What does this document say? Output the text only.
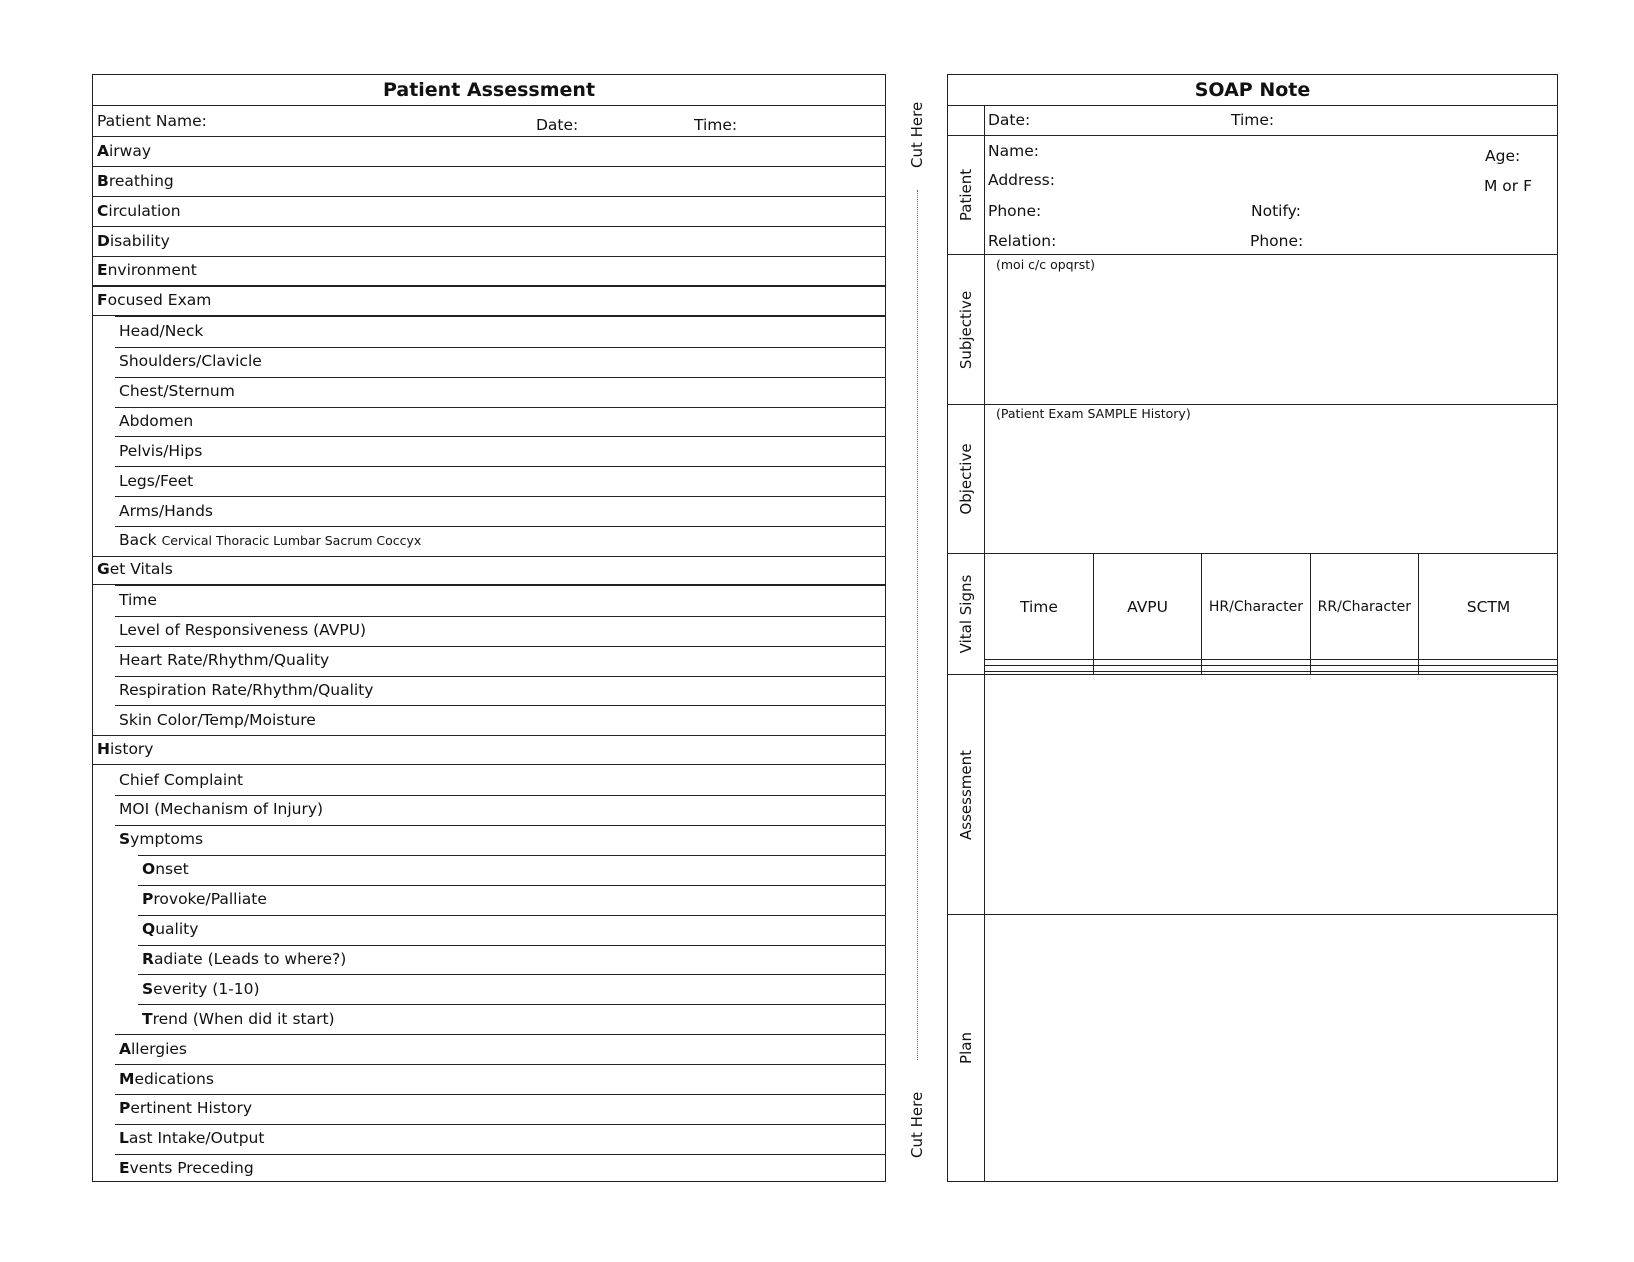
Patient Assessment
Patient Name:	Date:	Time:
Airway
Breathing
Circulation
Disability
Environment
Focused Exam
Head/Neck
Shoulders/Clavicle
Chest/Sternum
Abdomen
Pelvis/Hips
Legs/Feet
Arms/Hands
Back Cervical Thoracic Lumbar Sacrum Coccyx
Get Vitals
Time
Level of Responsiveness (AVPU)
Heart Rate/Rhythm/Quality
Respiration Rate/Rhythm/Quality
Skin Color/Temp/Moisture
History
Chief Complaint
MOI (Mechanism of Injury)
Symptoms
Onset
Provoke/Palliate
Quality
Radiate (Leads to where?)
Severity (1-10)
Trend (When did it start)
Allergies
Medications
Pertinent History
Last Intake/Output
Events Preceding
Cut Here
Cut Here
SOAP Note
Date:	Time:
Patient
Name:	Age:
Address:	M or F
Phone:	Notify:
Relation:	Phone:
Subjective
(moi c/c opqrst)
Objective
(Patient Exam SAMPLE History)
Vital Signs	Time	AVPU	HR/Character	RR/Character	SCTM

Assessment
Plan
